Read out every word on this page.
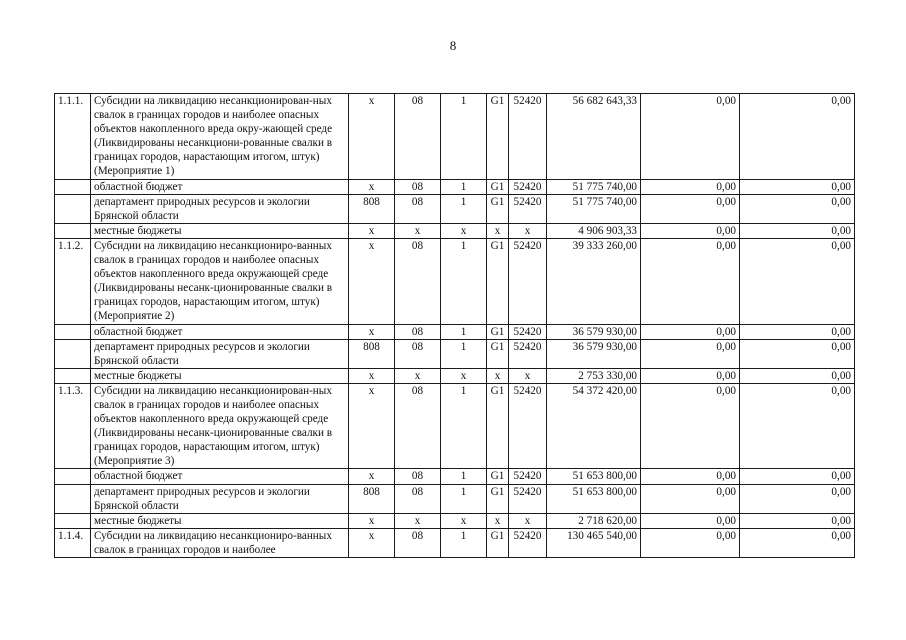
8
1.1.1.	Субсидии на ликвидацию несанкционирован-ных свалок в границах городов и наиболее опасных объектов накопленного вреда окру-жающей среде (Ликвидированы несанкциони-рованные свалки в границах городов, нарастающим итогом, штук) (Мероприятие 1)	х	08	1	G1	52420	56 682 643,33	0,00	0,00
	областной бюджет	х	08	1	G1	52420	51 775 740,00	0,00	0,00
	департамент природных ресурсов и экологии Брянской области	808	08	1	G1	52420	51 775 740,00	0,00	0,00
	местные бюджеты	х	х	х	х	х	4 906 903,33	0,00	0,00
1.1.2.	Субсидии на ликвидацию несанкциониро-ванных свалок в границах городов и наиболее опасных объектов накопленного вреда окружающей среде (Ликвидированы несанк-ционированные свалки в границах городов, нарастающим итогом, штук) (Мероприятие 2)	х	08	1	G1	52420	39 333 260,00	0,00	0,00
	областной бюджет	х	08	1	G1	52420	36 579 930,00	0,00	0,00
	департамент природных ресурсов и экологии Брянской области	808	08	1	G1	52420	36 579 930,00	0,00	0,00
	местные бюджеты	х	х	х	х	х	2 753 330,00	0,00	0,00
1.1.3.	Субсидии на ликвидацию несанкционирован-ных свалок в границах городов и наиболее опасных объектов накопленного вреда окружающей среде (Ликвидированы несанк-ционированные свалки в границах городов, нарастающим итогом, штук) (Мероприятие 3)	х	08	1	G1	52420	54 372 420,00	0,00	0,00
	областной бюджет	х	08	1	G1	52420	51 653 800,00	0,00	0,00
	департамент природных ресурсов и экологии Брянской области	808	08	1	G1	52420	51 653 800,00	0,00	0,00
	местные бюджеты	х	х	х	х	х	2 718 620,00	0,00	0,00
1.1.4.	Субсидии на ликвидацию несанкциониро-ванных свалок в границах городов и наиболее	х	08	1	G1	52420	130 465 540,00	0,00	0,00
